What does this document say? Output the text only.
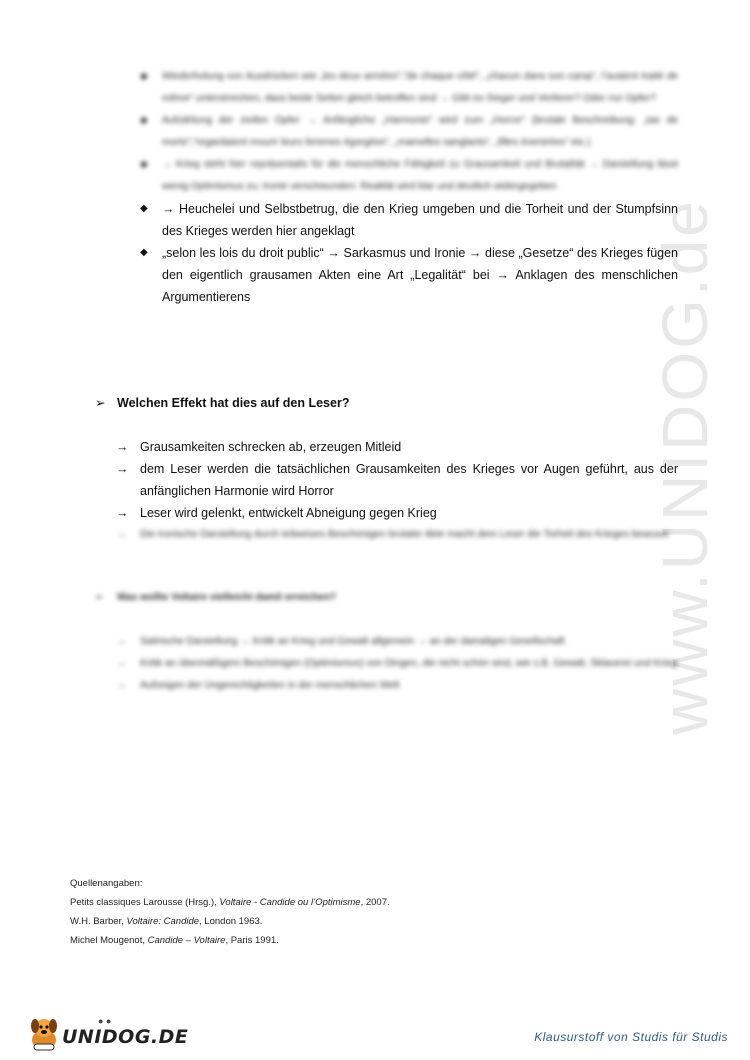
www.UNIDOG.de
◆ Wiederholung von Ausdrücken wie „les deux armées“,“de chaque côté“, „chacun dans son camp“, l’avaient traité de même“ unterstreichen, dass beide Seiten gleich betroffen sind → Gibt es Sieger und Verlierer? Oder nur Opfer?
◆ Aufzählung der zivilen Opfer → Anfängliche „Harmonie“ wird zum „Horror“ (brutale Beschreibung: „tas de morts“,“regardaient mourir leurs femmes égorgées“, „mamelles sanglants“, „filles éventrées“ etc.)
◆ → Krieg steht hier repräsentativ für die menschliche Fähigkeit zu Grausamkeit und Brutalität → Darstellung lässt wenig Optimismus zu; Ironie verschwunden: Realität wird klar und deutlich widergegeben
◆ → Heuchelei und Selbstbetrug, die den Krieg umgeben und die Torheit und der Stumpfsinn des Krieges werden hier angeklagt
◆ „selon les lois du droit public“ → Sarkasmus und Ironie → diese „Gesetze“ des Krieges fügen den eigentlich grausamen Akten eine Art „Legalität“ bei → Anklagen des menschlichen Argumentierens
➢ Welchen Effekt hat dies auf den Leser?
→ Grausamkeiten schrecken ab, erzeugen Mitleid
→ dem Leser werden die tatsächlichen Grausamkeiten des Krieges vor Augen geführt, aus der anfänglichen Harmonie wird Horror
→ Leser wird gelenkt, entwickelt Abneigung gegen Krieg
→ Die ironische Darstellung durch teilweises Beschönigen brutaler Akte macht dem Leser die Torheit des Krieges bewusst
➢ Was wollte Voltaire vielleicht damit erreichen?
→ Satirische Darstellung → Kritik an Krieg und Gewalt allgemein → an der damaligen Gesellschaft
→ Kritik an übermäßigem Beschönigen (Optimismus) von Dingen, die nicht schön sind, wie z.B. Gewalt, Sklaverei und Krieg
→ Aufzeigen der Ungerechtigkeiten in der menschlichen Welt
Quellenangaben:
Petits classiques Larousse (Hrsg.), Voltaire - Candide ou l’Optimisme, 2007.
W.H. Barber, Voltaire: Candide, London 1963.
Michel Mougenot, Candide – Voltaire, Paris 1991.
● ●
UNIDOG.DE	Klausurstoff von Studis für Studis
